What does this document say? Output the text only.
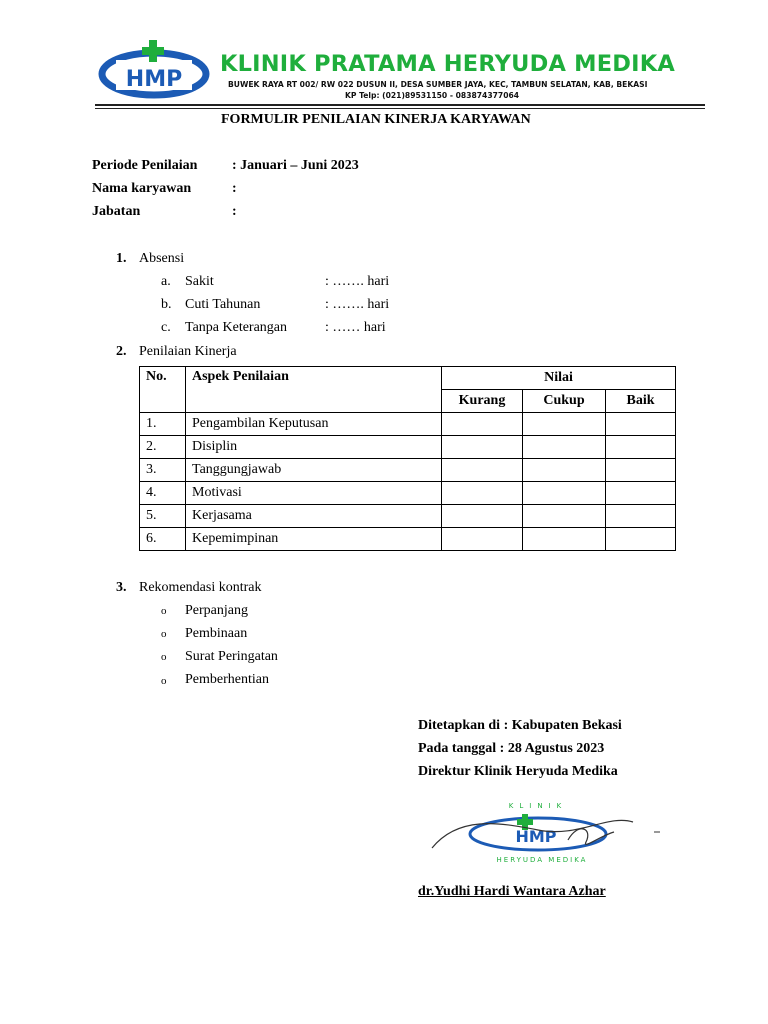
HMP
KLINIK PRATAMA HERYUDA MEDIKA
BUWEK RAYA RT 002/ RW 022 DUSUN II, DESA SUMBER JAYA, KEC, TAMBUN SELATAN, KAB, BEKASI
KP Telp: (021)89531150 - 083874377064
FORMULIR PENILAIAN KINERJA KARYAWAN
Periode Penilaian : Januari – Juni 2023
Nama karyawan	:
Jabatan	:
1. Absensi
a. Sakit	: ……. hari
b. Cuti Tahunan	: ……. hari
c. Tanpa Keterangan	: …… hari
2. Penilaian Kinerja
No.	Aspek Penilaian	Nilai		
		Kurang	Cukup	Baik
1.	Pengambilan Keputusan			
2.	Disiplin			
3.	Tanggungjawab			
4.	Motivasi			
5.	Kerjasama			
6.	Kepemimpinan			
3. Rekomendasi kontrak
o Perpanjang
o Pembinaan
o Surat Peringatan
o Pemberhentian
Ditetapkan di : Kabupaten Bekasi
Pada tanggal : 28 Agustus 2023
Direktur Klinik Heryuda Medika
HMP
KLINIK
HERYUDA MEDIKA
dr.Yudhi Hardi Wantara Azhar
